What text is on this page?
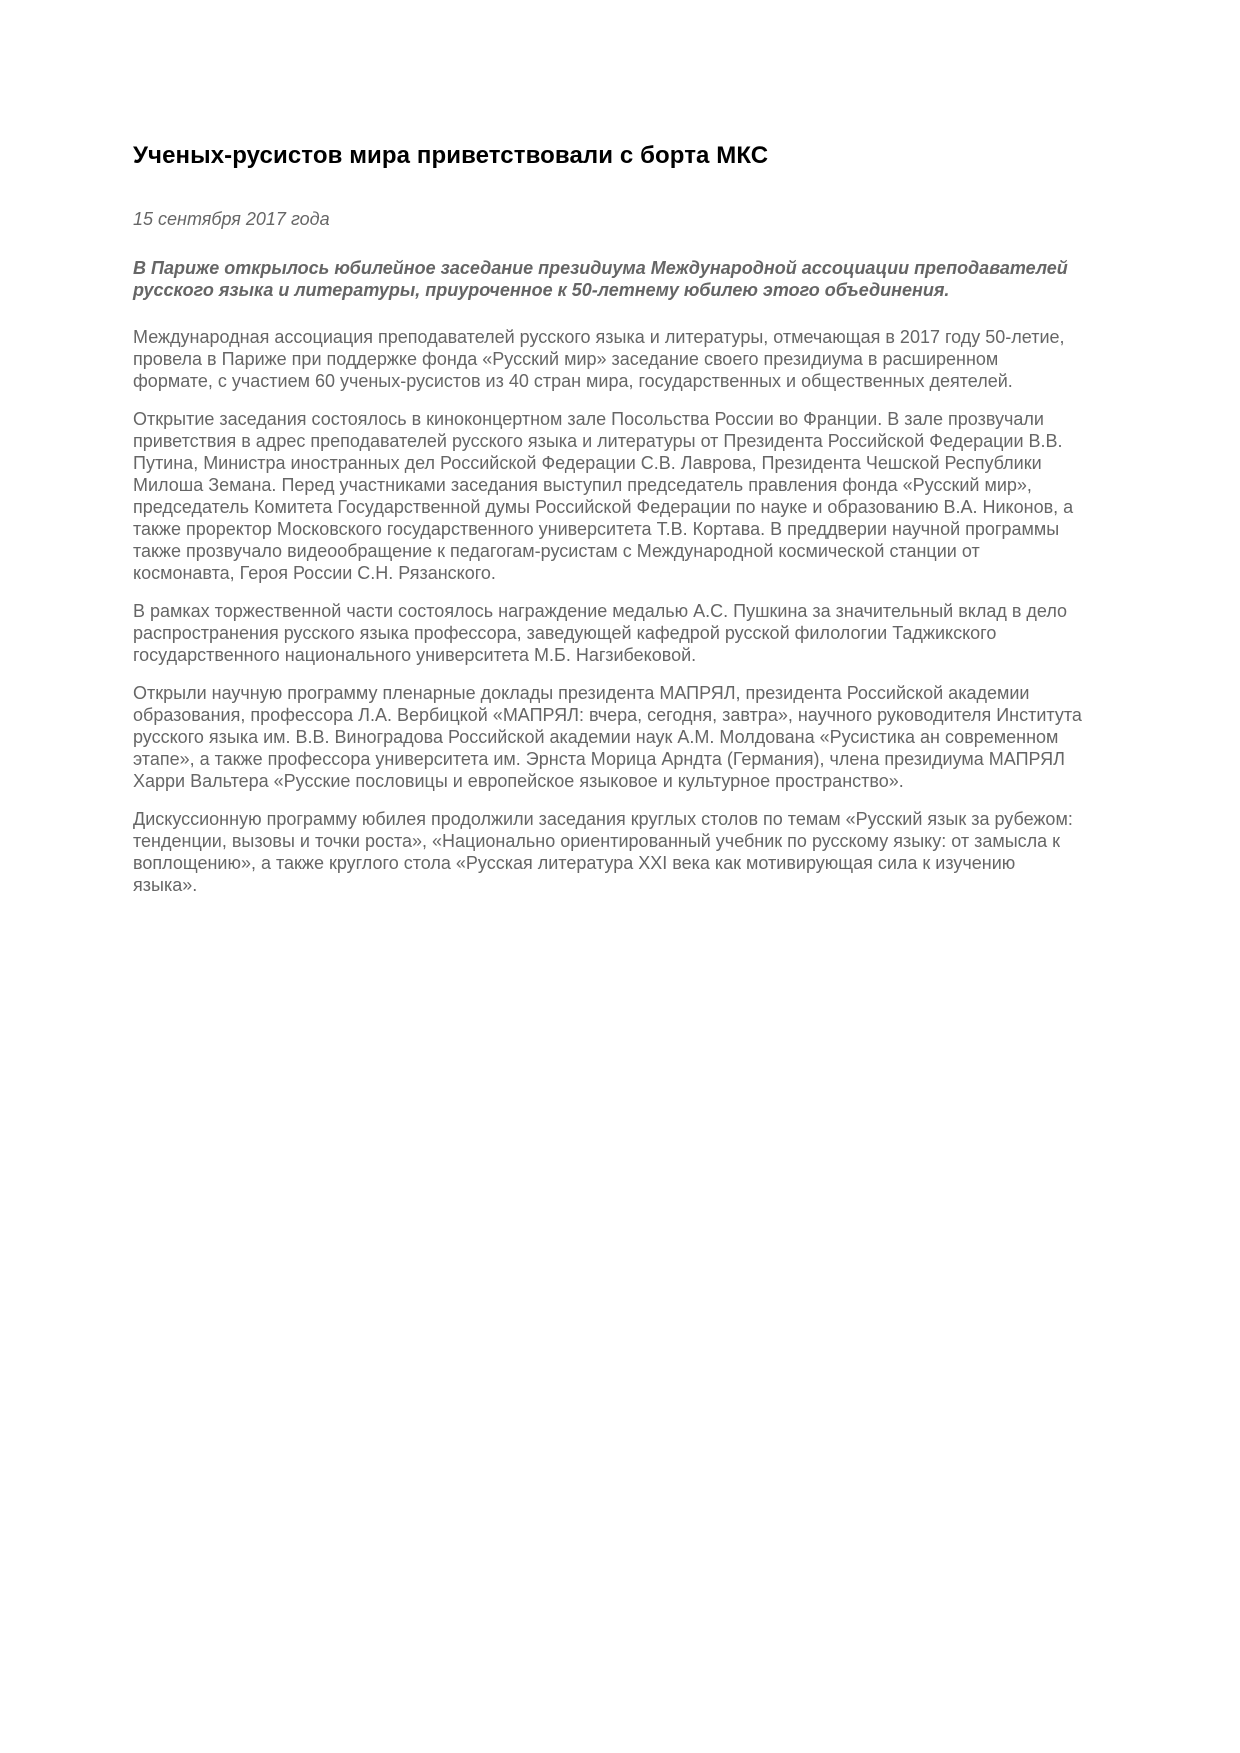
Ученых-русистов мира приветствовали с борта МКС

15 сентября 2017 года

В Париже открылось юбилейное заседание президиума Международной ассоциации преподавателей русского языка и литературы, приуроченное к 50-летнему юбилею этого объединения.

Международная ассоциация преподавателей русского языка и литературы, отмечающая в 2017 году 50-летие, провела в Париже при поддержке фонда «Русский мир» заседание своего президиума в расширенном формате, с участием 60 ученых-русистов из 40 стран мира, государственных и общественных деятелей.

Открытие заседания состоялось в киноконцертном зале Посольства России во Франции. В зале прозвучали приветствия в адрес преподавателей русского языка и литературы от Президента Российской Федерации В.В. Путина, Министра иностранных дел Российской Федерации С.В. Лаврова, Президента Чешской Республики Милоша Земана. Перед участниками заседания выступил председатель правления фонда «Русский мир», председатель Комитета Государственной думы Российской Федерации по науке и образованию В.А. Никонов, а также проректор Московского государственного университета Т.В. Кортава. В преддверии научной программы также прозвучало видеообращение к педагогам-русистам с Международной космической станции от космонавта, Героя России С.Н. Рязанского.

В рамках торжественной части состоялось награждение медалью А.С. Пушкина за значительный вклад в дело распространения русского языка профессора, заведующей кафедрой русской филологии Таджикского государственного национального университета М.Б. Нагзибековой.

Открыли научную программу пленарные доклады президента МАПРЯЛ, президента Российской академии образования, профессора Л.А. Вербицкой «МАПРЯЛ: вчера, сегодня, завтра», научного руководителя Института русского языка им. В.В. Виноградова Российской академии наук А.М. Молдована «Русистика ан современном этапе», а также профессора университета им. Эрнста Морица Арндта (Германия), члена президиума МАПРЯЛ Харри Вальтера «Русские пословицы и европейское языковое и культурное пространство».

Дискуссионную программу юбилея продолжили заседания круглых столов по темам «Русский язык за рубежом: тенденции, вызовы и точки роста», «Национально ориентированный учебник по русскому языку: от замысла к воплощению», а также круглого стола «Русская литература XXI века как мотивирующая сила к изучению языка».
